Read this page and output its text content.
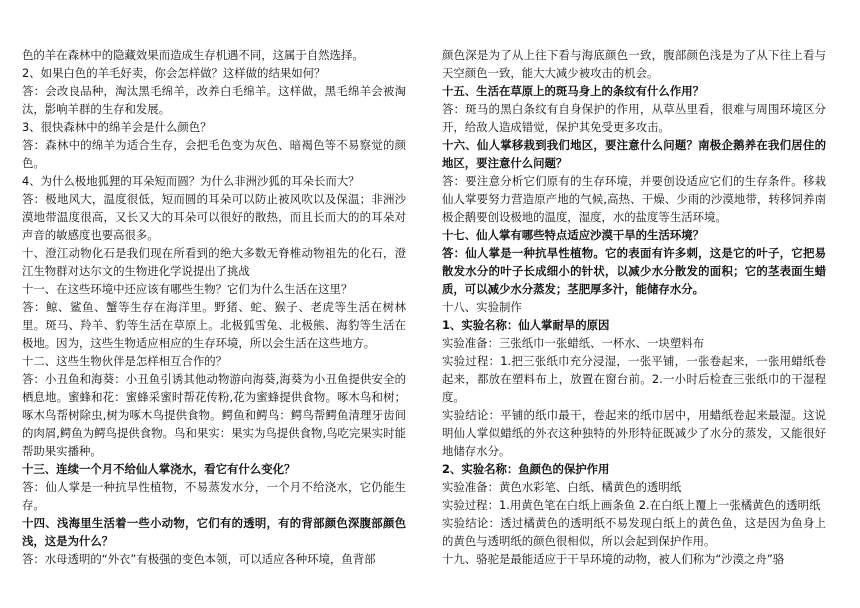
色的羊在森林中的隐藏效果而造成生存机遇不同，这属于自然选择。

2、如果白色的羊毛好卖，你会怎样做？这样做的结果如何？

答：会改良品种，淘汰黑毛绵羊，改养白毛绵羊。这样做，黑毛绵羊会被淘汰，影响羊群的生存和发展。

3、很快森林中的绵羊会是什么颜色？

答：森林中的绵羊为适合生存，会把毛色变为灰色、暗褐色等不易察觉的颜色。

4、为什么极地狐狸的耳朵短而圆？为什么非洲沙狐的耳朵长而大？

答：极地风大，温度很低，短而圆的耳朵可以防止被风吹以及保温；非洲沙漠地带温度很高，又长又大的耳朵可以很好的散热，而且长而大的的耳朵对声音的敏感度也要高很多。

十、澄江动物化石是我们现在所看到的绝大多数无脊椎动物祖先的化石，澄江生物群对达尔文的生物进化学说提出了挑战

十一、在这些环境中还应该有哪些生物？它们为什么生活在这里？

答：鲸、鲨鱼、蟹等生存在海洋里。野猪、蛇、猴子、老虎等生活在树林里。斑马、羚羊、豹等生活在草原上。北极狐雪兔、北极熊、海豹等生活在极地。因为，这些生物适应相应的生存环境，所以会生活在这些地方。

十二、这些生物伙伴是怎样相互合作的？

答：小丑鱼和海葵：小丑鱼引诱其他动物游向海葵,海葵为小丑鱼提供安全的栖息地。蜜蜂和花：蜜蜂采蜜时帮花传粉,花为蜜蜂提供食物。啄木鸟和树；啄木鸟帮树除虫,树为啄木鸟提供食物。鳄鱼和鳄鸟：鳄鸟帮鳄鱼清理牙齿间的肉屑,鳄鱼为鳄鸟提供食物。鸟和果实：果实为鸟提供食物,鸟吃完果实时能帮助果实播种。

十三、连续一个月不给仙人掌浇水，看它有什么变化？

答：仙人掌是一种抗旱性植物，不易蒸发水分，一个月不给浇水，它仍能生存。

十四、浅海里生活着一些小动物，它们有的透明，有的背部颜色深腹部颜色浅，这是为什么？

答：水母透明的“外衣”有极强的变色本领，可以适应各种环境，鱼背部

颜色深是为了从上往下看与海底颜色一致，腹部颜色浅是为了从下往上看与天空颜色一致，能大大减少被攻击的机会。

十五、生活在草原上的斑马身上的条纹有什么作用？

答：斑马的黑白条纹有自身保护的作用，从草丛里看，很难与周围环境区分开，给敌人造成错觉，保护其免受更多攻击。

十六、仙人掌移栽到我们地区，要注意什么问题？南极企鹅养在我们居住的地区，要注意什么问题？

答：要注意分析它们原有的生存环境，并要创设适应它们的生存条件。移栽仙人掌要努力营造原产地的气候,高热、干燥、少雨的沙漠地带，转移饲养南极企鹅要创设极地的温度，湿度，水的盐度等生活环境。

十七、仙人掌有哪些特点适应沙漠干旱的生活环境？

答：仙人掌是一种抗旱性植物。它的表面有许多刺，这是它的叶子，它把易散发水分的叶子长成细小的针状，以减少水分散发的面积；它的茎表面生蜡质，可以减少水分蒸发；茎肥厚多汁，能储存水分。

十八、实验制作

1、实验名称：仙人掌耐旱的原因

实验准备：三张纸巾一张蜡纸、一杯水、一块塑料布

实验过程：1.把三张纸巾充分浸湿，一张平铺，一张卷起来，一张用蜡纸卷起来，都放在塑料布上，放置在窗台前。2.一小时后检查三张纸巾的干湿程度。

实验结论：平铺的纸巾最干，卷起来的纸巾居中，用蜡纸卷起来最湿。这说明仙人掌似蜡纸的外衣这种独特的外形特征既减少了水分的蒸发，又能很好地储存水分。

2、实验名称：鱼颜色的保护作用

实验准备：黄色水彩笔、白纸、橘黄色的透明纸

实验过程：1.用黄色笔在白纸上画条鱼 2.在白纸上覆上一张橘黄色的透明纸

实验结论：透过橘黄色的透明纸不易发现白纸上的黄色鱼，这是因为鱼身上的黄色与透明纸的颜色很相似，所以会起到保护作用。

十九、骆驼是最能适应于干旱环境的动物，被人们称为“沙漠之舟”骆
